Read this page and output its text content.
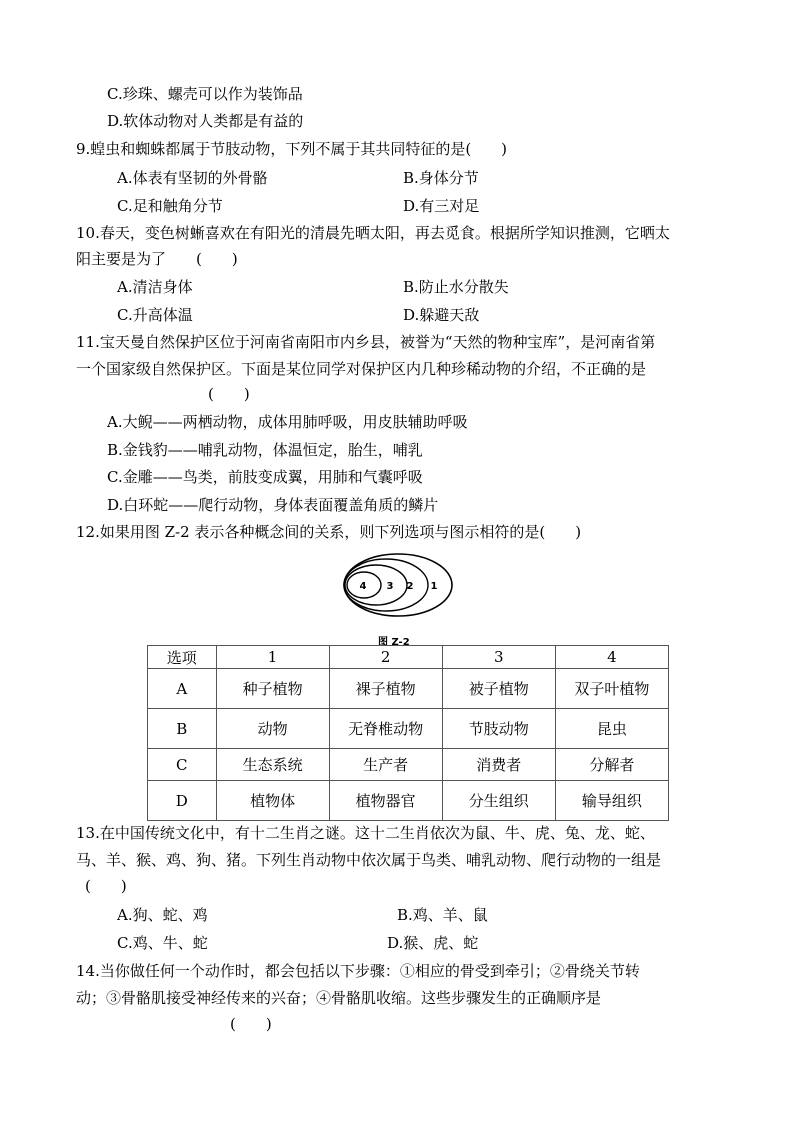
C.珍珠、螺壳可以作为装饰品
D.软体动物对人类都是有益的
9.蝗虫和蜘蛛都属于节肢动物，下列不属于其共同特征的是(　　)
A.体表有坚韧的外骨骼	B.身体分节
C.足和触角分节	D.有三对足
10.春天，变色树蜥喜欢在有阳光的清晨先晒太阳，再去觅食。根据所学知识推测，它晒太
阳主要是为了　　(　　)
A.清洁身体	B.防止水分散失
C.升高体温	D.躲避天敌
11.宝天曼自然保护区位于河南省南阳市内乡县，被誉为“天然的物种宝库”，是河南省第
一个国家级自然保护区。下面是某位同学对保护区内几种珍稀动物的介绍，不正确的是
(　　)
A.大鲵——两栖动物，成体用肺呼吸，用皮肤辅助呼吸
B.金钱豹——哺乳动物，体温恒定，胎生，哺乳
C.金雕——鸟类，前肢变成翼，用肺和气囊呼吸
D.白环蛇——爬行动物，身体表面覆盖角质的鳞片
12.如果用图 Z-2 表示各种概念间的关系，则下列选项与图示相符的是(　　)
4 3 2 1
图 Z-2
选项	1	2	3	4
A	种子植物	裸子植物	被子植物	双子叶植物
B	动物	无脊椎动物	节肢动物	昆虫
C	生态系统	生产者	消费者	分解者
D	植物体	植物器官	分生组织	输导组织
13.在中国传统文化中，有十二生肖之谜。这十二生肖依次为鼠、牛、虎、兔、龙、蛇、
马、羊、猴、鸡、狗、猪。下列生肖动物中依次属于鸟类、哺乳动物、爬行动物的一组是
(　　)
A.狗、蛇、鸡	B.鸡、羊、鼠
C.鸡、牛、蛇	D.猴、虎、蛇
14.当你做任何一个动作时，都会包括以下步骤：①相应的骨受到牵引；②骨绕关节转
动；③骨骼肌接受神经传来的兴奋；④骨骼肌收缩。这些步骤发生的正确顺序是
(　　)
